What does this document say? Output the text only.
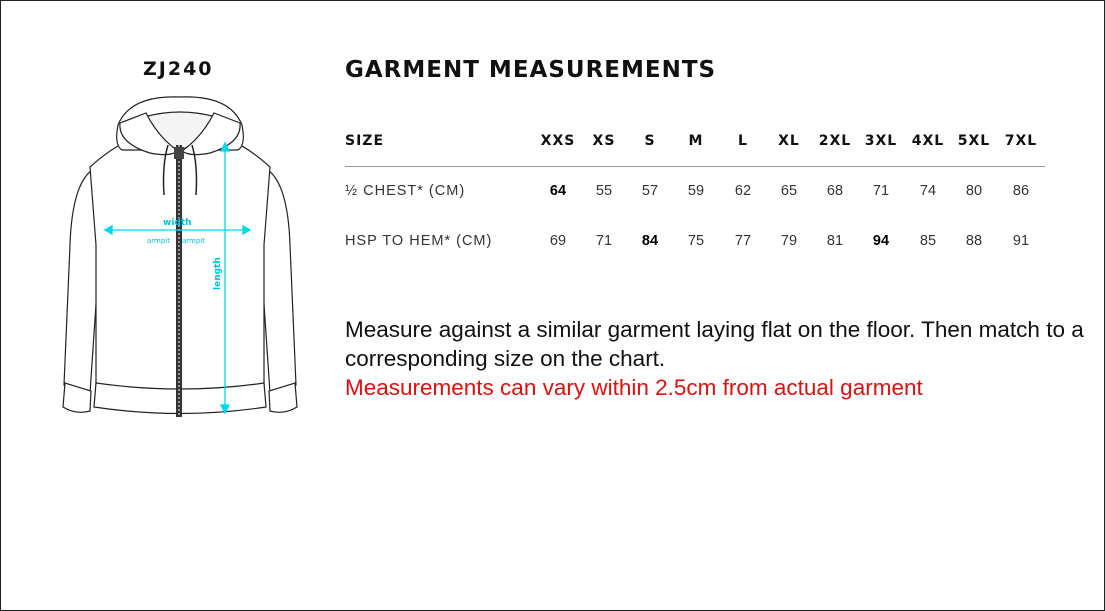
ZJ240	GARMENT MEASUREMENTS
width
armpit armpit
length
SIZE	XXS	XS	S	M	L	XL	2XL 3XL 4XL 5XL 7XL
½ CHEST* (CM)	64	55	57	59	62	65	68	71	74	80	86
HSP TO HEM* (CM)	69	71	84	75	77	79	81	94	85	88	91
Measure against a similar garment laying flat on the floor. Then match to a corresponding size on the chart.
Measurements can vary within 2.5cm from actual garment
